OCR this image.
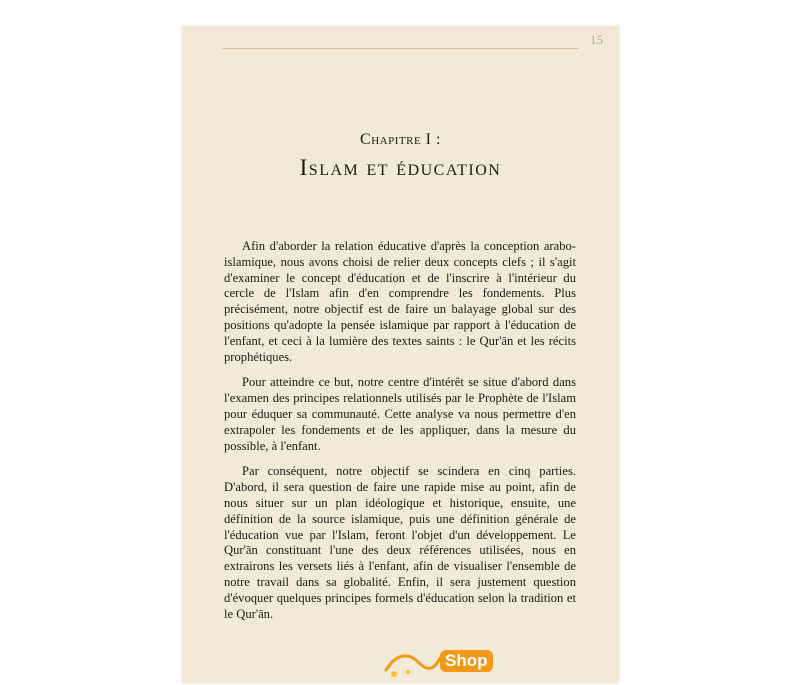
15
Chapitre I :
Islam et éducation

Afin d'aborder la relation éducative d'après la conception arabo-islamique, nous avons choisi de relier deux concepts clefs ; il s'agit d'examiner le concept d'éducation et de l'inscrire à l'intérieur du cercle de l'Islam afin d'en comprendre les fondements. Plus précisément, notre objectif est de faire un balayage global sur des positions qu'adopte la pensée islamique par rapport à l'éducation de l'enfant, et ceci à la lumière des textes saints : le Qur'ān et les récits prophétiques.

Pour atteindre ce but, notre centre d'intérêt se situe d'abord dans l'examen des principes relationnels utilisés par le Prophète de l'Islam pour éduquer sa communauté. Cette analyse va nous permettre d'en extrapoler les fondements et de les appliquer, dans la mesure du possible, à l'enfant.

Par conséquent, notre objectif se scindera en cinq parties. D'abord, il sera question de faire une rapide mise au point, afin de nous situer sur un plan idéologique et historique, ensuite, une définition de la source islamique, puis une définition générale de l'éducation vue par l'Islam, feront l'objet d'un développement. Le Qur'ān constituant l'une des deux références utilisées, nous en extrairons les versets liés à l'enfant, afin de visualiser l'ensemble de notre travail dans sa globalité. Enfin, il sera justement question d'évoquer quelques principes formels d'éducation selon la tradition et le Qur'ān.

Shop
